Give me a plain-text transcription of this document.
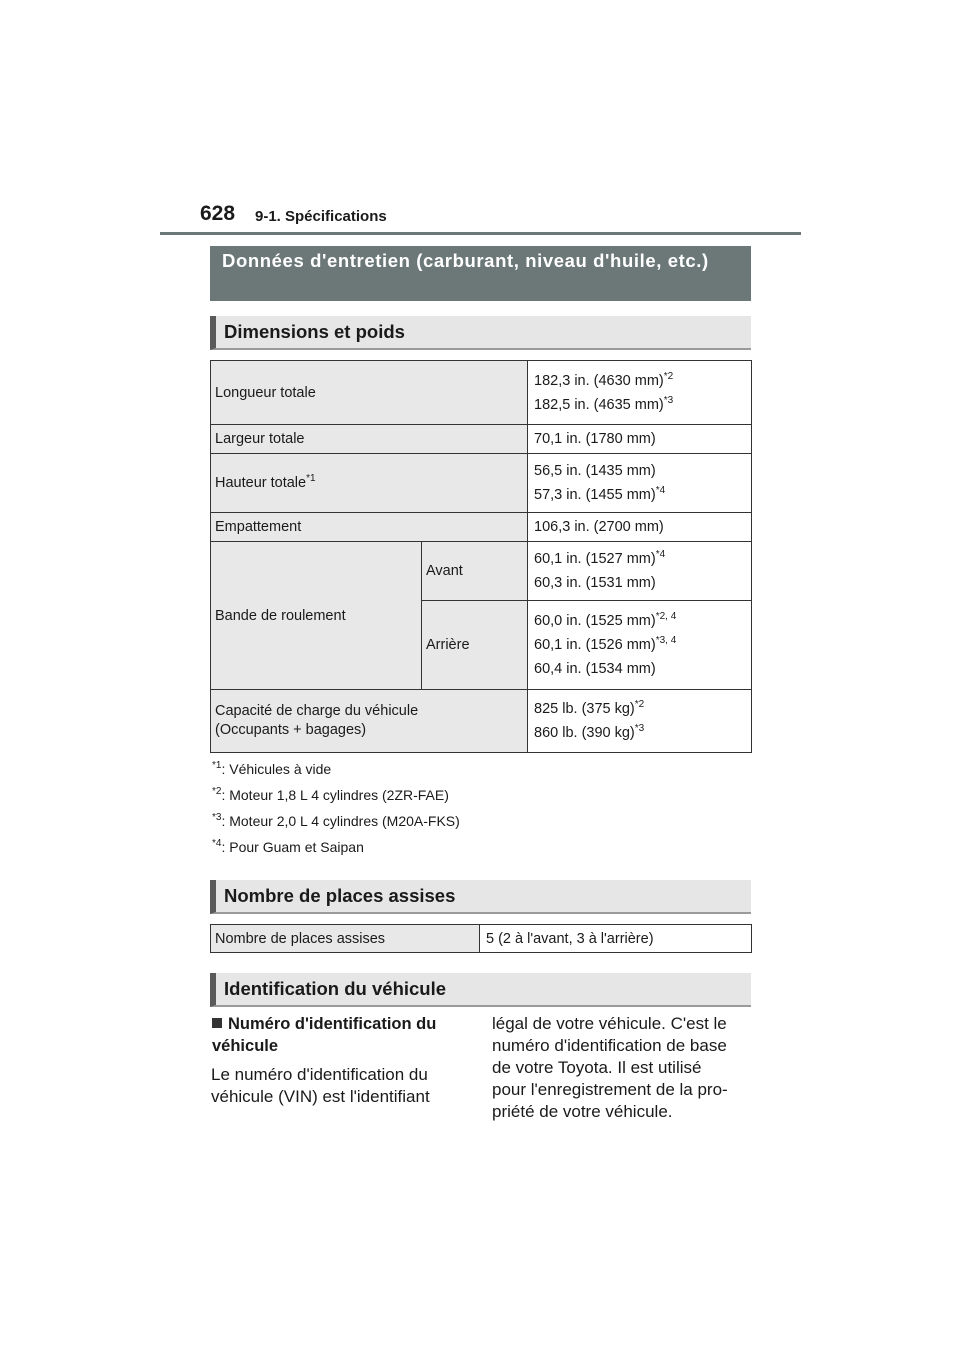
628 9-1. Spécifications
Données d'entretien (carburant, niveau d'huile, etc.)
Dimensions et poids
Longueur totale		182,3 in. (4630 mm)$^{*2}$
182,5 in. (4635 mm)$^{*3}$

Largeur totale		70,1 in. (1780 mm)
Hauteur totale$^{*1}$		56,5 in. (1435 mm)
57,3 in. (1455 mm)$^{*4}$

Empattement		106,3 in. (2700 mm)
Bande de roulement	Avant	60,1 in. (1527 mm)$^{*4}$
60,3 in. (1531 mm)

	Arrière	60,0 in. (1525 mm)$^{*2, 4}$
60,1 in. (1526 mm)$^{*3, 4}$
60,4 in. (1534 mm)

Capacité de charge du véhicule
(Occupants + bagages)		825 lb. (375 kg)$^{*2}$
860 lb. (390 kg)$^{*3}$
$^{*1}$: Véhicules à vide
$^{*2}$: Moteur 1,8 L 4 cylindres (2ZR-FAE)
$^{*3}$: Moteur 2,0 L 4 cylindres (M20A-FKS)
$^{*4}$: Pour Guam et Saipan
Nombre de places assises
Nombre de places assises	5 (2 à l'avant, 3 à l'arrière)
Identification du véhicule
Numéro d'identification du véhicule
Le numéro d'identification du
véhicule (VIN) est l'identifiant
légal de votre véhicule. C'est le
numéro d'identification de base
de votre Toyota. Il est utilisé
pour l'enregistrement de la pro-
priété de votre véhicule.
